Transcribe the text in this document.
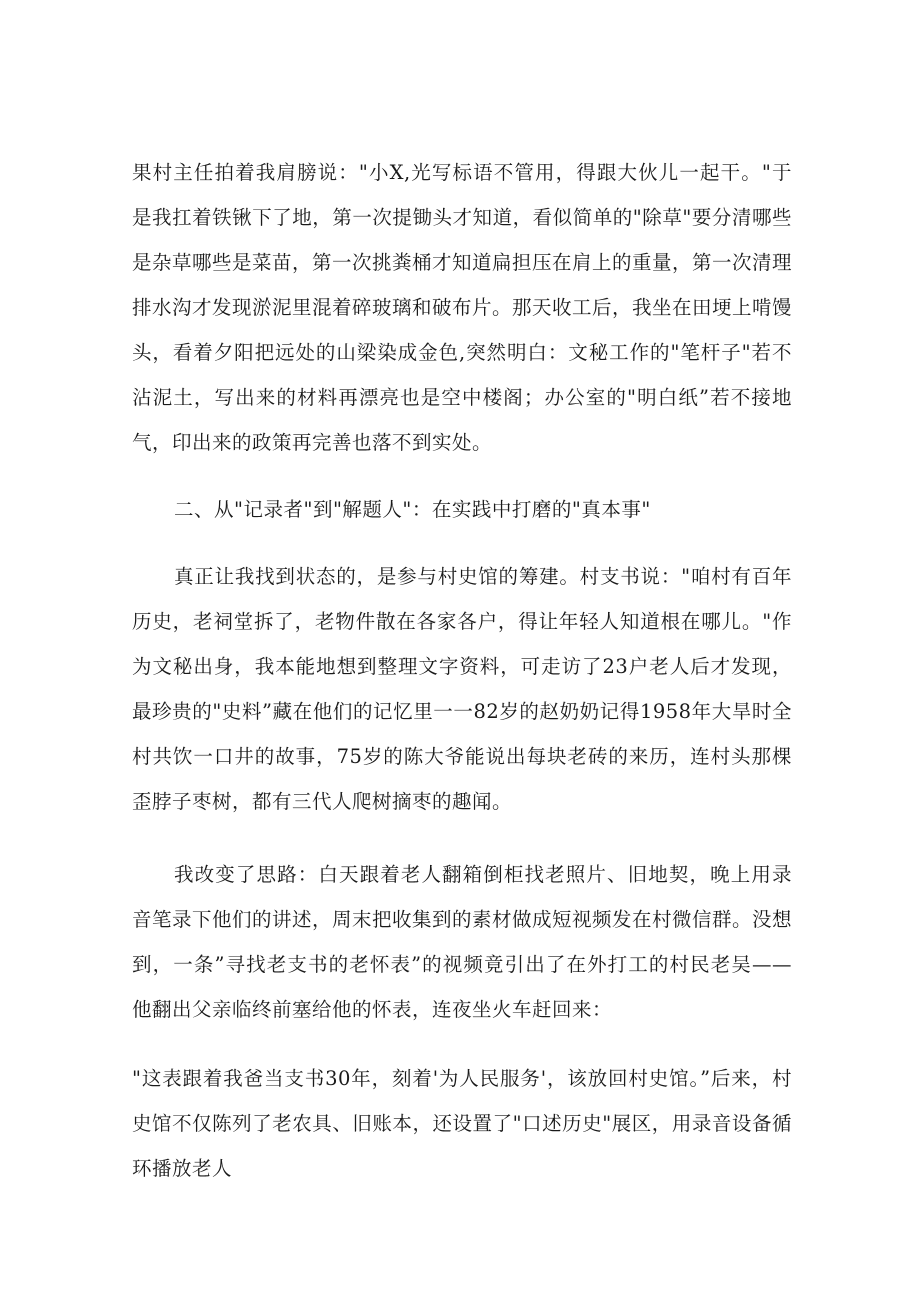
果村主任拍着我肩膀说："小X,光写标语不管用，得跟大伙儿一起干。"于是我扛着铁锹下了地，第一次提锄头才知道，看似简单的"除草"要分清哪些是杂草哪些是菜苗，第一次挑粪桶才知道扁担压在肩上的重量，第一次清理排水沟才发现淤泥里混着碎玻璃和破布片。那天收工后，我坐在田埂上啃馒头，看着夕阳把远处的山梁染成金色,突然明白：文秘工作的"笔杆子"若不沾泥土，写出来的材料再漂亮也是空中楼阁；办公室的"明白纸”若不接地气，印出来的政策再完善也落不到实处。

二、从"记录者"到"解题人"：在实践中打磨的"真本事"

真正让我找到状态的，是参与村史馆的筹建。村支书说："咱村有百年历史，老祠堂拆了，老物件散在各家各户，得让年轻人知道根在哪儿。"作为文秘出身，我本能地想到整理文字资料，可走访了23户老人后才发现，最珍贵的"史料”藏在他们的记忆里一一82岁的赵奶奶记得1958年大旱时全村共饮一口井的故事，75岁的陈大爷能说出每块老砖的来历，连村头那棵歪脖子枣树，都有三代人爬树摘枣的趣闻。

我改变了思路：白天跟着老人翻箱倒柜找老照片、旧地契，晚上用录音笔录下他们的讲述，周末把收集到的素材做成短视频发在村微信群。没想到，一条”寻找老支书的老怀表”的视频竟引出了在外打工的村民老吴——他翻出父亲临终前塞给他的怀表，连夜坐火车赶回来：

"这表跟着我爸当支书30年，刻着'为人民服务'，该放回村史馆。”后来，村史馆不仅陈列了老农具、旧账本，还设置了"口述历史"展区，用录音设备循环播放老人
